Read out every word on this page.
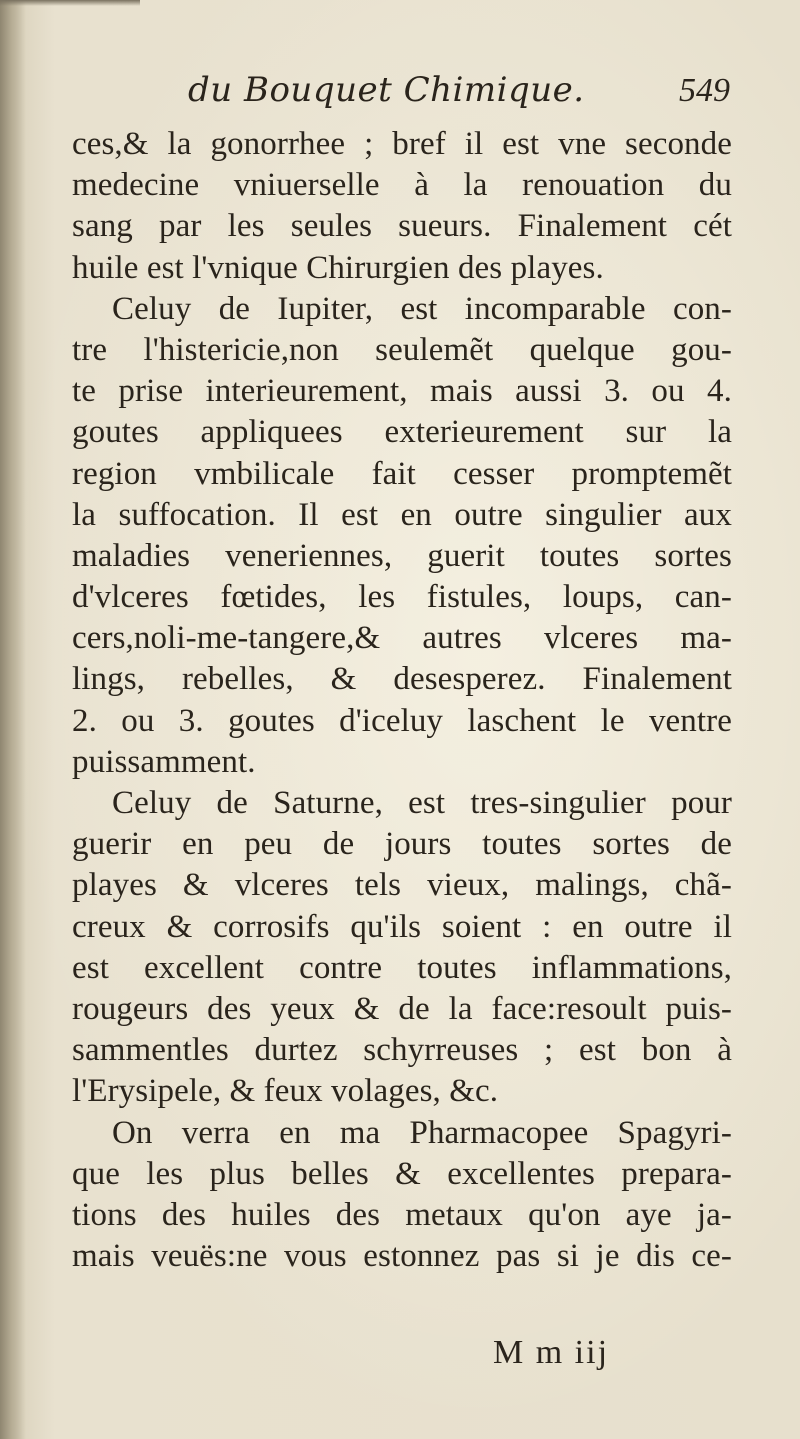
du Bouquet Chimique.	549
ces,& la gonorrhee ; bref il est vne seconde
medecine vniuerselle à la renouation du
sang par les seules sueurs. Finalement cét
huile est l'vnique Chirurgien des playes.
Celuy de Iupiter, est incomparable con-
tre l'histericie,non seulemẽt quelque gou-
te prise interieurement, mais aussi 3. ou 4.
goutes appliquees exterieurement sur la
region vmbilicale fait cesser promptemẽt
la suffocation. Il est en outre singulier aux
maladies veneriennes, guerit toutes sortes
d'vlceres fœtides, les fistules, loups, can-
cers,noli-me-tangere,& autres vlceres ma-
lings, rebelles, & desesperez. Finalement
2. ou 3. goutes d'iceluy laschent le ventre
puissamment.
Celuy de Saturne, est tres-singulier pour
guerir en peu de jours toutes sortes de
playes & vlceres tels vieux, malings, chã-
creux & corrosifs qu'ils soient : en outre il
est excellent contre toutes inflammations,
rougeurs des yeux & de la face:resoult puis-
sammentles durtez schyrreuses ; est bon à
l'Erysipele, & feux volages, &c.
On verra en ma Pharmacopee Spagyri-
que les plus belles & excellentes prepara-
tions des huiles des metaux qu'on aye ja-
mais veuës:ne vous estonnez pas si je dis ce-
M m iij
